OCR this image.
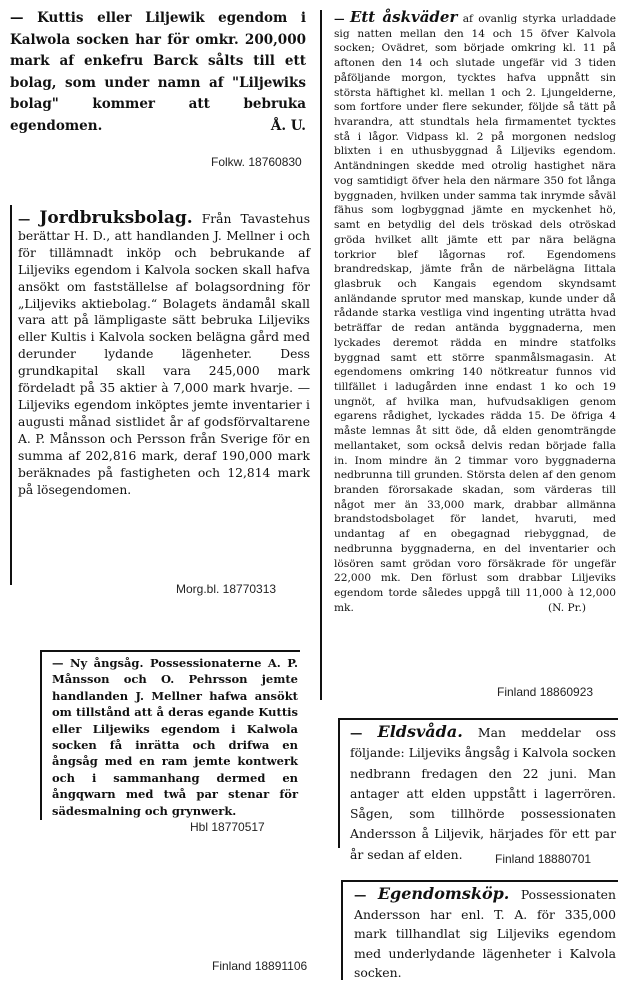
— Kuttis eller Liljewik egendom i Kalwola socken har för omkr. 200,000 mark af enkefru Barck sålts till ett bolag, som under namn af "Liljewiks bolag" kommer att bebruka egendomen.	Å. U.

Folkw. 18760830

— Jordbruksbolag. Från Tavastehus berättar H. D., att handlanden J. Mellner i och för tillämnadt inköp och bebrukande af Liljeviks egendom i Kalvola socken skall hafva ansökt om fastställelse af bolagsordning för „Liljeviks aktiebolag.“ Bolagets ändamål skall vara att på lämpligaste sätt bebruka Liljeviks eller Kultis i Kalvola socken belägna gård med derunder lydande lägenheter. Dess grundkapital skall vara 245,000 mark fördeladt på 35 aktier à 7,000 mark hvarje. — Liljeviks egendom inköptes jemte inventarier i augusti månad sistlidet år af godsförvaltarene A. P. Månsson och Persson från Sverige för en summa af 202,816 mark, deraf 190,000 mark beräknades på fastigheten och 12,814 mark på lösegendomen.

Morg.bl. 18770313

— Ny ångsåg. Possessionaterne A. P. Månsson och O. Pehrsson jemte handlanden J. Mellner hafwa ansökt om tillstånd att å deras egande Kuttis eller Liljewiks egendom i Kalwola socken få inrätta och drifwa en ångsåg med en ram jemte kontwerk och i sammanhang dermed en ångqwarn med twå par stenar för sädesmalning och grynwerk.

Hbl 18770517

— Ett åskväder af ovanlig styrka urladdade sig natten mellan den 14 och 15 öfver Kalvola socken; Ovädret, som började omkring kl. 11 på aftonen den 14 och slutade ungefär vid 3 tiden påföljande morgon, tycktes hafva uppnått sin största häftighet kl. mellan 1 och 2. Ljungelderne, som fortfore under flere sekunder, följde så tätt på hvarandra, att stundtals hela firmamentet tycktes stå i lågor. Vidpass kl. 2 på morgonen nedslog blixten i en uthusbyggnad å Liljeviks egendom. Antändningen skedde med otrolig hastighet nära vog samtidigt öfver hela den närmare 350 fot långa byggnaden, hvilken under samma tak inrymde såväl fähus som logbyggnad jämte en myckenhet hö, samt en betydlig del dels tröskad dels otröskad gröda hvilket allt jämte ett par nära belägna torkrior blef lågornas rof. Egendomens brandredskap, jämte från de närbelägna Iittala glasbruk och Kangais egendom skyndsamt anländande sprutor med manskap, kunde under då rådande starka vestliga vind ingenting uträtta hvad beträffar de redan antända byggnaderna, men lyckades deremot rädda en mindre statfolks byggnad samt ett större spanmålsmagasin. At egendomens omkring 140 nötkreatur funnos vid tillfället i ladugården inne endast 1 ko och 19 ungnöt, af hvilka man, hufvudsakligen genom egarens rådighet, lyckades rädda 15. De öfriga 4 måste lemnas åt sitt öde, då elden genomträngde mellantaket, som också delvis redan började falla in. Inom mindre än 2 timmar voro byggnaderna nedbrunna till grunden. Största delen af den genom branden förorsakade skadan, som värderas till något mer än 33,000 mark, drabbar allmänna brandstodsbolaget för landet, hvaruti, med undantag af en obegagnad riebyggnad, de nedbrunna byggnaderna, en del inventarier och lösören samt grödan voro försäkrade för ungefär 22,000 mk. Den förlust som drabbar Liljeviks egendom torde således uppgå till 11,000 à 12,000 mk.	(N. Pr.)

Finland 18860923

— Eldsvåda. Man meddelar oss följande: Liljeviks ångsåg i Kalvola socken nedbrann fredagen den 22 juni. Man antager att elden uppstått i lagerrören. Sågen, som tillhörde possessionaten Andersson å Liljevik, härjades för ett par år sedan af elden.	Finland 18880701

— Egendomsköp. Possessionaten Andersson har enl. T. A. för 335,000 mark tillhandlat sig Liljeviks egendom med underlydande lägenheter i Kalvola socken.

Finland 18891106
